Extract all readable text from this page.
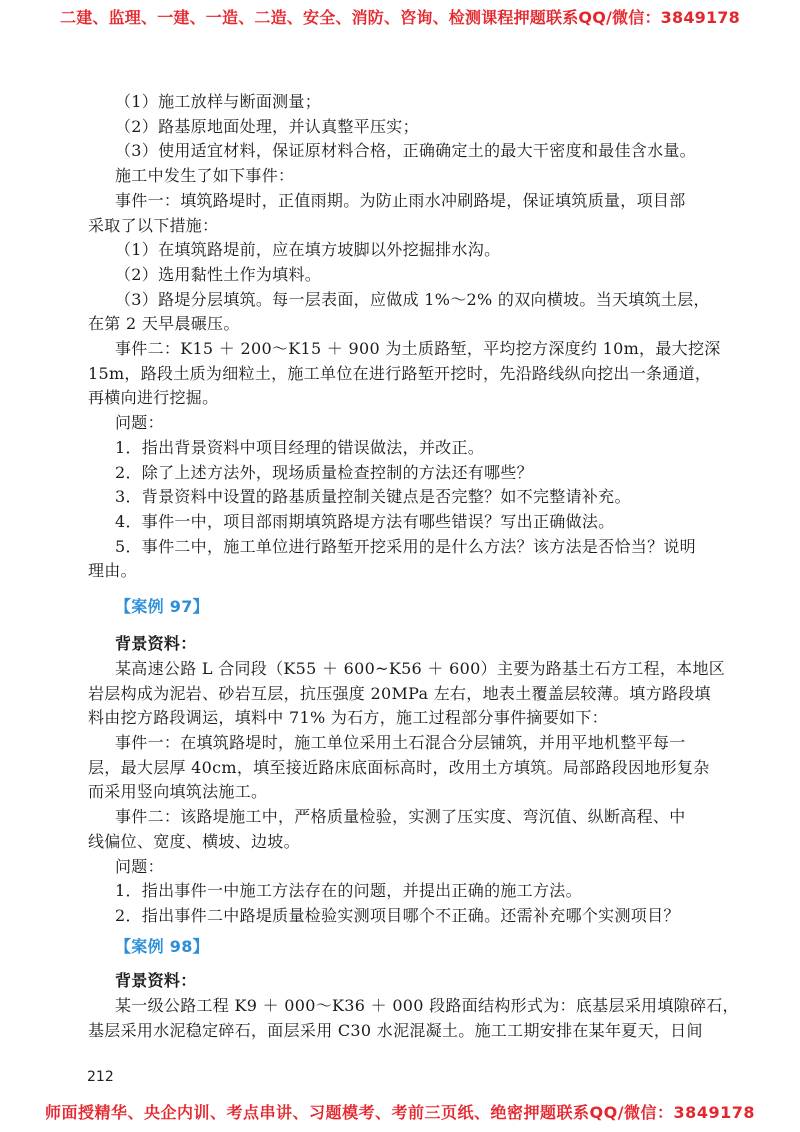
二建、监理、一建、一造、二造、安全、消防、咨询、检测课程押题联系QQ/微信：3849178
（1）施工放样与断面测量；
（2）路基原地面处理，并认真整平压实；
（3）使用适宜材料，保证原材料合格，正确确定土的最大干密度和最佳含水量。
施工中发生了如下事件：
事件一：填筑路堤时，正值雨期。为防止雨水冲刷路堤，保证填筑质量，项目部
采取了以下措施：
（1）在填筑路堤前，应在填方坡脚以外挖掘排水沟。
（2）选用黏性土作为填料。
（3）路堤分层填筑。每一层表面，应做成 1%～2% 的双向横坡。当天填筑土层，
在第 2 天早晨碾压。
事件二：K15 ＋ 200～K15 ＋ 900 为土质路堑，平均挖方深度约 10m，最大挖深
15m，路段土质为细粒土，施工单位在进行路堑开挖时，先沿路线纵向挖出一条通道，
再横向进行挖掘。
问题：
1．指出背景资料中项目经理的错误做法，并改正。
2．除了上述方法外，现场质量检查控制的方法还有哪些？
3．背景资料中设置的路基质量控制关键点是否完整？如不完整请补充。
4．事件一中，项目部雨期填筑路堤方法有哪些错误？写出正确做法。
5．事件二中，施工单位进行路堑开挖采用的是什么方法？该方法是否恰当？说明
理由。
【案例 97】
背景资料：
某高速公路 L 合同段（K55 ＋ 600~K56 ＋ 600）主要为路基土石方工程，本地区
岩层构成为泥岩、砂岩互层，抗压强度 20MPa 左右，地表土覆盖层较薄。填方路段填
料由挖方路段调运，填料中 71% 为石方，施工过程部分事件摘要如下：
事件一：在填筑路堤时，施工单位采用土石混合分层铺筑，并用平地机整平每一
层，最大层厚 40cm，填至接近路床底面标高时，改用土方填筑。局部路段因地形复杂
而采用竖向填筑法施工。
事件二：该路堤施工中，严格质量检验，实测了压实度、弯沉值、纵断高程、中
线偏位、宽度、横坡、边坡。
问题：
1．指出事件一中施工方法存在的问题，并提出正确的施工方法。
2．指出事件二中路堤质量检验实测项目哪个不正确。还需补充哪个实测项目？
【案例 98】
背景资料：
某一级公路工程 K9 ＋ 000～K36 ＋ 000 段路面结构形式为：底基层采用填隙碎石，
基层采用水泥稳定碎石，面层采用 C30 水泥混凝土。施工工期安排在某年夏天，日间
212
师面授精华、央企内训、考点串讲、习题模考、考前三页纸、绝密押题联系QQ/微信：3849178
